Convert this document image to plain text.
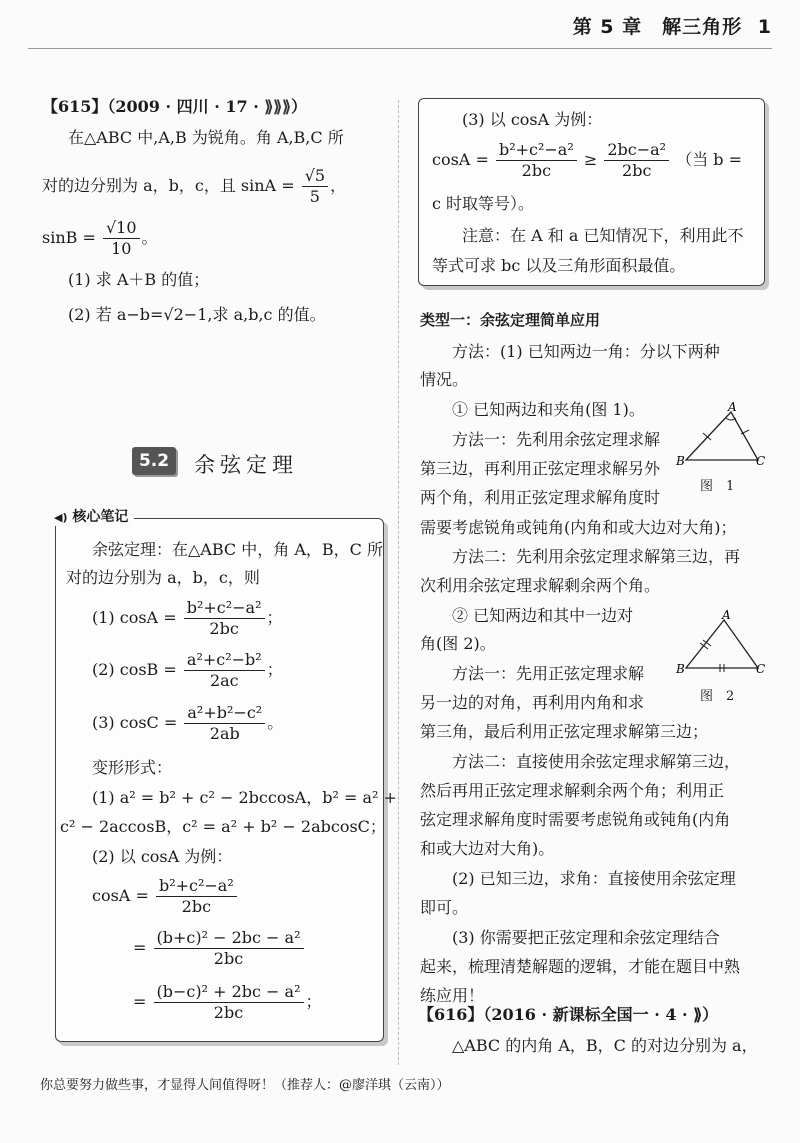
第 5 章　解三角形 1
【615】（2009 · 四川 · 17 · ⟫⟫⟫）
在△ABC 中,A,B 为锐角。角 A,B,C 所
对的边分别为 a，b，c，且 $\sin A = \frac{√5}{5}$ ，
$\sin B = \frac{√10}{10}$ 。
(1) 求 A＋B 的值；
(2) 若 a−b=√2−1,求 a,b,c 的值。
5.2	余弦定理
◀) 核心笔记
余弦定理：在△ABC 中，角 A，B，C 所
对的边分别为 a，b，c，则
(1) $\cos A = \frac{\text{b²+c²−a²}}{2bc}$ ；
(2) $\cos B = \frac{\text{a²+c²−b²}}{2ac}$ ；
(3) $\cos C = \frac{\text{a²+b²−c²}}{2ab}$ 。
变形形式：
(1) a² = b² + c² − 2bccosA，b² = a² +
c² − 2accosB，c² = a² + b² − 2abcosC；
(2) 以 cosA 为例：
$\cos A = \frac{\text{b²+c²−a²}}{2bc}$
= $\frac{\text{(b+c)² − 2bc − a²}}{2bc}$
= $\frac{\text{(b−c)² + 2bc − a²}}{2bc}$ ；
(3) 以 cosA 为例：
$\cos A = \frac{\text{b²+c²−a²}}{2bc} \ge \frac{\text{2bc−a²}}{2bc}$ （当 b =
c 时取等号）。
注意：在 A 和 a 已知情况下，利用此不
等式可求 bc 以及三角形面积最值。
类型一：余弦定理简单应用
方法：(1) 已知两边一角：分以下两种
情况。
① 已知两边和夹角(图 1)。
方法一：先利用余弦定理求解
第三边，再利用正弦定理求解另外
两个角，利用正弦定理求解角度时
需要考虑锐角或钝角(内角和或大边对大角)；
方法二：先利用余弦定理求解第三边，再
次利用余弦定理求解剩余两个角。
② 已知两边和其中一边对
角(图 2)。
方法一：先用正弦定理求解
另一边的对角，再利用内角和求
第三角，最后利用正弦定理求解第三边；
方法二：直接使用余弦定理求解第三边，
然后再用正弦定理求解剩余两个角；利用正
弦定理求解角度时需要考虑锐角或钝角(内角
和或大边对大角)。
(2) 已知三边，求角：直接使用余弦定理
即可。
(3) 你需要把正弦定理和余弦定理结合
起来，梳理清楚解题的逻辑，才能在题目中熟
练应用！
A
B	C
图　1
A
B	C
图　2
【616】（2016 · 新课标全国一 · 4 · ⟫）
△ABC 的内角 A，B，C 的对边分别为 a，
你总要努力做些事，才显得人间值得呀！（推荐人：@廖洋琪（云南））
